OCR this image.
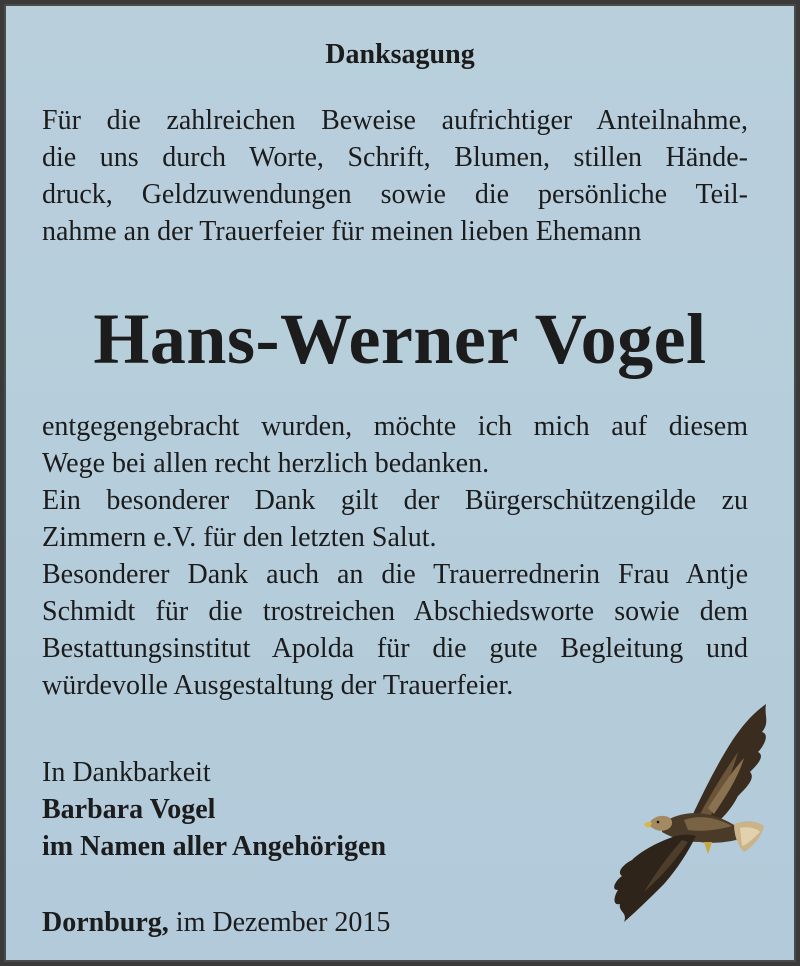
Danksagung
Für die zahlreichen Beweise aufrichtiger Anteilnahme,
die uns durch Worte, Schrift, Blumen, stillen Hände-
druck, Geldzuwendungen sowie die persönliche Teil-
nahme an der Trauerfeier für meinen lieben Ehemann
Hans-Werner Vogel
entgegengebracht wurden, möchte ich mich auf diesem
Wege bei allen recht herzlich bedanken.
Ein besonderer Dank gilt der Bürgerschützengilde zu
Zimmern e.V. für den letzten Salut.
Besonderer Dank auch an die Trauerrednerin Frau Antje
Schmidt für die trostreichen Abschiedsworte sowie dem
Bestattungsinstitut Apolda für die gute Begleitung und
würdevolle Ausgestaltung der Trauerfeier.
In Dankbarkeit
Barbara Vogel
im Namen aller Angehörigen
Dornburg, im Dezember 2015
